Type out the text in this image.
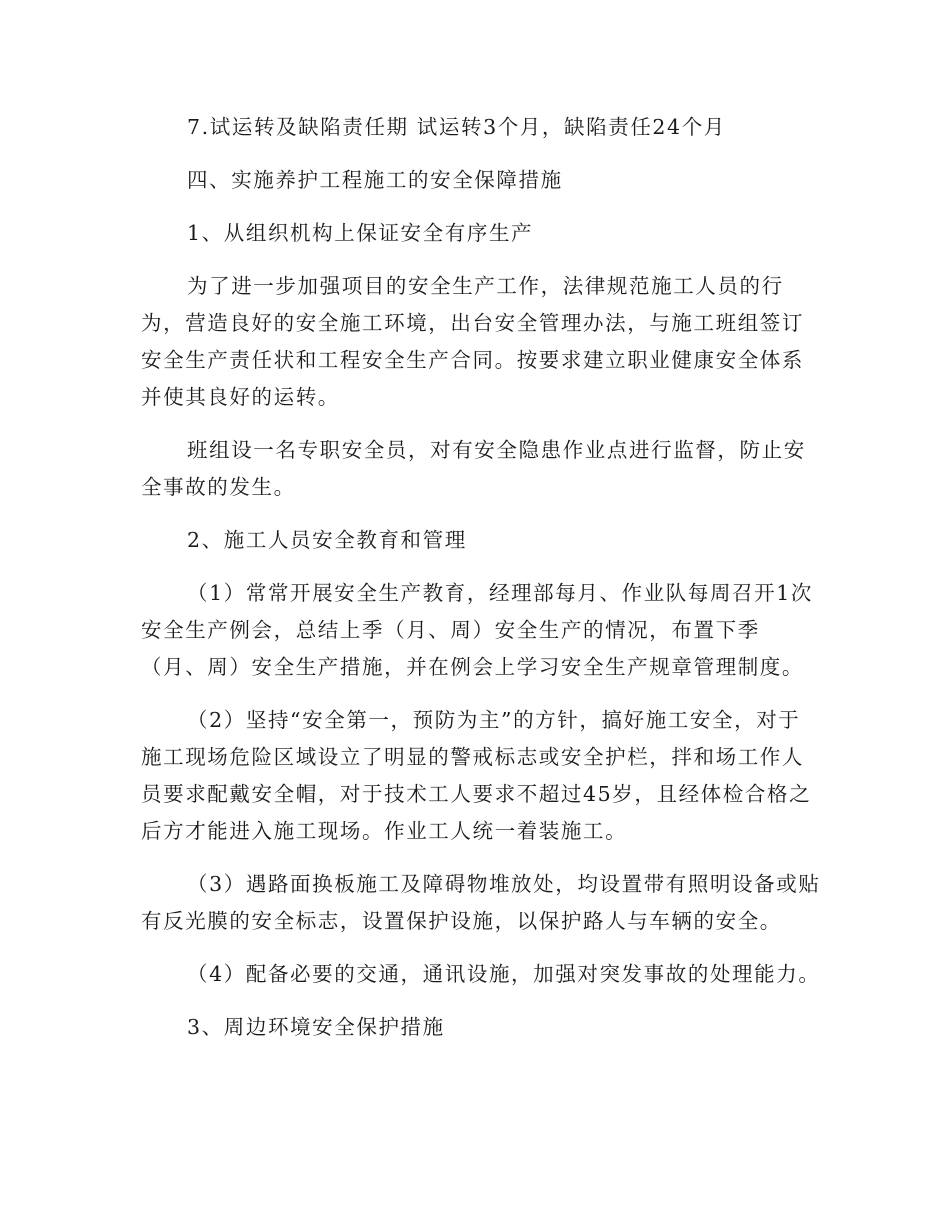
7.试运转及缺陷责任期 试运转3个月，缺陷责任24个月

四、实施养护工程施工的安全保障措施

1、从组织机构上保证安全有序生产

为了进一步加强项目的安全生产工作，法律规范施工人员的行

为，营造良好的安全施工环境，出台安全管理办法，与施工班组签订

安全生产责任状和工程安全生产合同。按要求建立职业健康安全体系

并使其良好的运转。

班组设一名专职安全员，对有安全隐患作业点进行监督，防止安

全事故的发生。

2、施工人员安全教育和管理

（1）常常开展安全生产教育，经理部每月、作业队每周召开1次

安全生产例会，总结上季（月、周）安全生产的情况，布置下季

（月、周）安全生产措施，并在例会上学习安全生产规章管理制度。

（2）坚持“安全第一，预防为主”的方针，搞好施工安全，对于

施工现场危险区域设立了明显的警戒标志或安全护栏，拌和场工作人

员要求配戴安全帽，对于技术工人要求不超过45岁，且经体检合格之

后方才能进入施工现场。作业工人统一着装施工。

（3）遇路面换板施工及障碍物堆放处，均设置带有照明设备或贴

有反光膜的安全标志，设置保护设施，以保护路人与车辆的安全。

（4）配备必要的交通，通讯设施，加强对突发事故的处理能力。

3、周边环境安全保护措施
